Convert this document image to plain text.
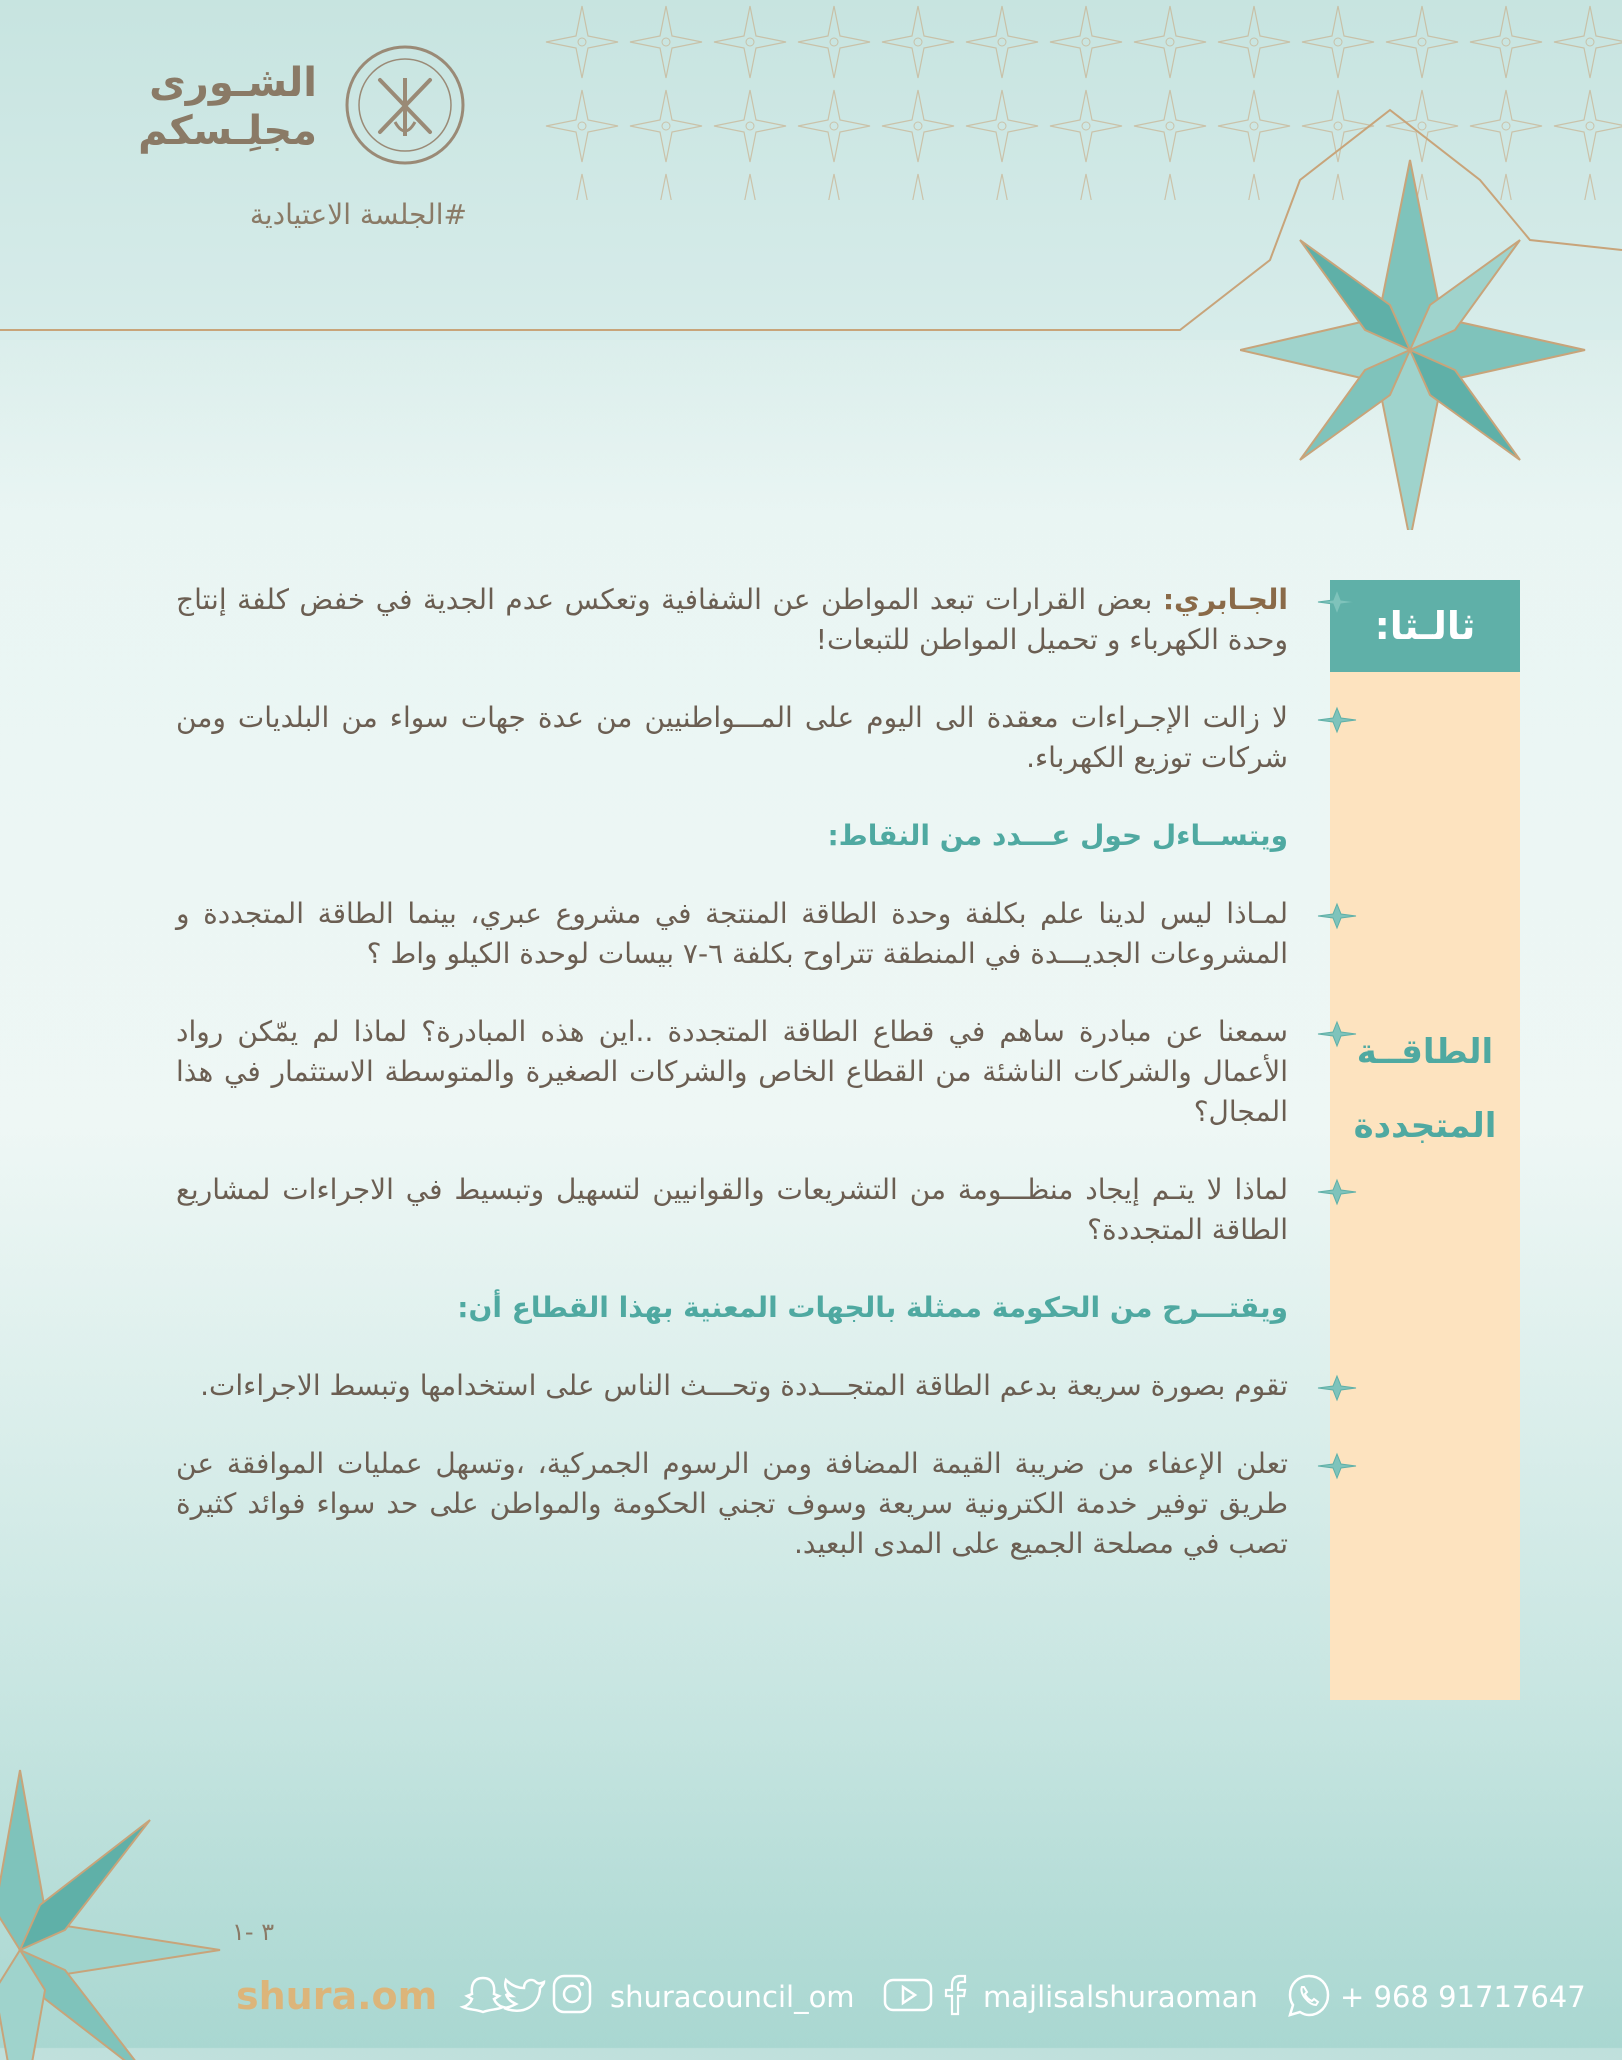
الشـورى
مجلِـسكم
#الجلسة الاعتيادية
ثالـثا:
الطاقــة
المتجددة
الجـابري: بعض القرارات تبعد المواطن عن الشفافية وتعكس عدم الجدية في خفض كلفة إنتاج وحدة الكهرباء و تحميل المواطن للتبعات!
لا زالت الإجـراءات معقدة الى اليوم على المـــواطنيين من عدة جهات سواء من البلديات ومن شركات توزيع الكهرباء.
ويتســاءل حول عـــدد من النقاط:
لمـاذا ليس لدينا علم بكلفة وحدة الطاقة المنتجة في مشروع عبري، بينما الطاقة المتجددة و المشروعات الجديـــدة في المنطقة تتراوح بكلفة ٦-٧ بيسات لوحدة الكيلو واط ؟
سمعنا عن مبادرة ساهم في قطاع الطاقة المتجددة ..اين هذه المبادرة؟ لماذا لم يمّكن رواد الأعمال والشركات الناشئة من القطاع الخاص والشركات الصغيرة والمتوسطة الاستثمار في هذا المجال؟
لماذا لا يتـم إيجاد منظـــومة من التشريعات والقوانيين لتسهيل وتبسيط في الاجراءات لمشاريع الطاقة المتجددة؟
ويقتـــرح من الحكومة ممثلة بالجهات المعنية بهذا القطاع أن:
تقوم بصورة سريعة بدعم الطاقة المتجـــددة وتحـــث الناس على استخدامها وتبسط الاجراءات.
تعلن الإعفاء من ضريبة القيمة المضافة ومن الرسوم الجمركية، ،وتسهل عمليات الموافقة عن طريق توفير خدمة الكترونية سريعة وسوف تجني الحكومة والمواطن على حد سواء فوائد كثيرة تصب في مصلحة الجميع على المدى البعيد.
٣ -١
shura.om	shuracouncil_om	majlisalshuraoman	+ 968 91717647
